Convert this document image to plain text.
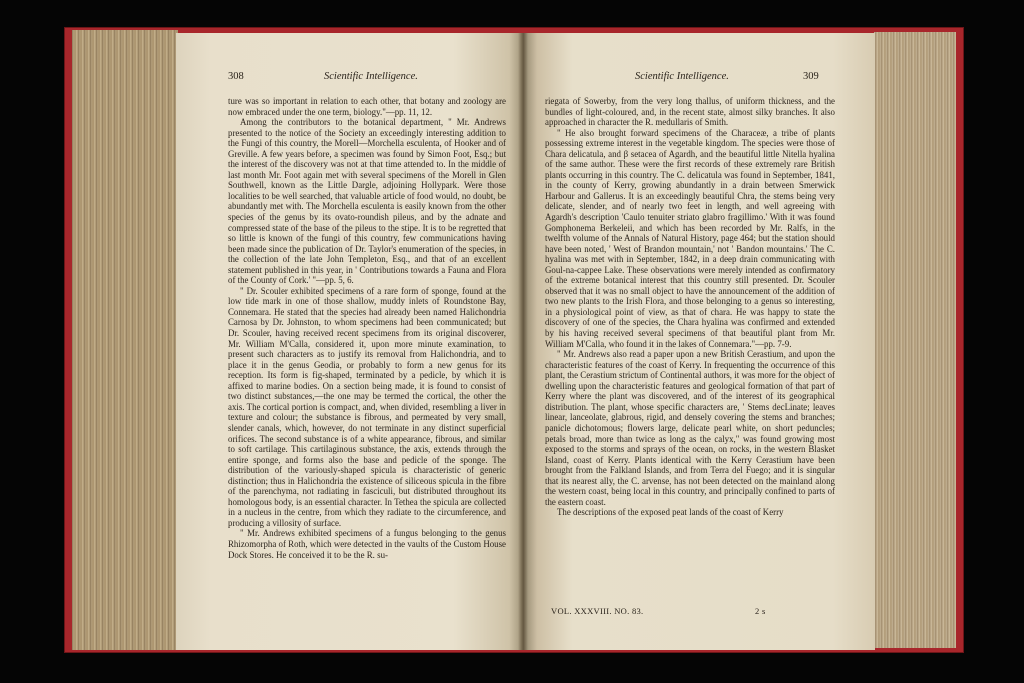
308	Scientific Intelligence.

ture was so important in relation to each other, that botany and zoology are now embraced under the one term, biology."—pp. 11, 12.

Among the contributors to the botanical department, " Mr. Andrews presented to the notice of the Society an exceedingly interesting addition to the Fungi of this country, the Morell—Morchella esculenta, of Hooker and of Greville. A few years before, a specimen was found by Simon Foot, Esq.; but the interest of the discovery was not at that time attended to. In the middle of last month Mr. Foot again met with several specimens of the Morell in Glen Southwell, known as the Little Dargle, adjoining Hollypark. Were those localities to be well searched, that valuable article of food would, no doubt, be abundantly met with. The Morchella esculenta is easily known from the other species of the genus by its ovato-roundish pileus, and by the adnate and compressed state of the base of the pileus to the stipe. It is to be regretted that so little is known of the fungi of this country, few communications having been made since the publication of Dr. Taylor's enumeration of the species, in the collection of the late John Templeton, Esq., and that of an excellent statement published in this year, in ' Contributions towards a Fauna and Flora of the County of Cork.' "—pp. 5, 6.

" Dr. Scouler exhibited specimens of a rare form of sponge, found at the low tide mark in one of those shallow, muddy inlets of Roundstone Bay, Connemara. He stated that the species had already been named Halichondria Carnosa by Dr. Johnston, to whom specimens had been communicated; but Dr. Scouler, having received recent specimens from its original discoverer, Mr. William M'Calla, considered it, upon more minute examination, to present such characters as to justify its removal from Halichondria, and to place it in the genus Geodia, or probably to form a new genus for its reception. Its form is fig-shaped, terminated by a pedicle, by which it is affixed to marine bodies. On a section being made, it is found to consist of two distinct substances,—the one may be termed the cortical, the other the axis. The cortical portion is compact, and, when divided, resembling a liver in texture and colour; the substance is fibrous, and permeated by very small, slender canals, which, however, do not terminate in any distinct superficial orifices. The second substance is of a white appearance, fibrous, and similar to soft cartilage. This cartilaginous substance, the axis, extends through the entire sponge, and forms also the base and pedicle of the sponge. The distribution of the variously-shaped spicula is characteristic of generic distinction; thus in Halichondria the existence of siliceous spicula in the fibre of the parenchyma, not radiating in fasciculi, but distributed throughout its homologous body, is an essential character. In Tethea the spicula are collected in a nucleus in the centre, from which they radiate to the circumference, and producing a villosity of surface.

" Mr. Andrews exhibited specimens of a fungus belonging to the genus Rhizomorpha of Roth, which were detected in the vaults of the Custom House Dock Stores. He conceived it to be the R. su-

Scientific Intelligence.	309

riegata of Sowerby, from the very long thallus, of uniform thickness, and the bundles of light-coloured, and, in the recent state, almost silky branches. It also approached in character the R. medullaris of Smith.

" He also brought forward specimens of the Characeæ, a tribe of plants possessing extreme interest in the vegetable kingdom. The species were those of Chara delicatula, and β setacea of Agardh, and the beautiful little Nitella hyalina of the same author. These were the first records of these extremely rare British plants occurring in this country. The C. delicatula was found in September, 1841, in the county of Kerry, growing abundantly in a drain between Smerwick Harbour and Gallerus. It is an exceedingly beautiful Chra, the stems being very delicate, slender, and of nearly two feet in length, and well agreeing with Agardh's description 'Caulo tenuiter striato glabro fragillimo.' With it was found Gomphonema Berkeleii, and which has been recorded by Mr. Ralfs, in the twelfth volume of the Annals of Natural History, page 464; but the station should have been noted, ' West of Brandon mountain,' not ' Bandon mountains.' The C. hyalina was met with in September, 1842, in a deep drain communicating with Goul-na-cappee Lake. These observations were merely intended as confirmatory of the extreme botanical interest that this country still presented. Dr. Scouler observed that it was no small object to have the announcement of the addition of two new plants to the Irish Flora, and those belonging to a genus so interesting, in a physiological point of view, as that of chara. He was happy to state the discovery of one of the species, the Chara hyalina was confirmed and extended by his having received several specimens of that beautiful plant from Mr. William M'Calla, who found it in the lakes of Connemara."—pp. 7-9.

" Mr. Andrews also read a paper upon a new British Cerastium, and upon the characteristic features of the coast of Kerry. In frequenting the occurrence of this plant, the Cerastium strictum of Continental authors, it was more for the object of dwelling upon the characteristic features and geological formation of that part of Kerry where the plant was discovered, and of the interest of its geographical distribution. The plant, whose specific characters are, ' Stems decLinate; leaves linear, lanceolate, glabrous, rigid, and densely covering the stems and branches; panicle dichotomous; flowers large, delicate pearl white, on short peduncles; petals broad, more than twice as long as the calyx," was found growing most exposed to the storms and sprays of the ocean, on rocks, in the western Blasket Island, coast of Kerry. Plants identical with the Kerry Cerastium have been brought from the Falkland Islands, and from Terra del Fuego; and it is singular that its nearest ally, the C. arvense, has not been detected on the mainland along the western coast, being local in this country, and principally confined to parts of the eastern coast.

The descriptions of the exposed peat lands of the coast of Kerry

VOL. XXXVIII. NO. 83.	2 s
